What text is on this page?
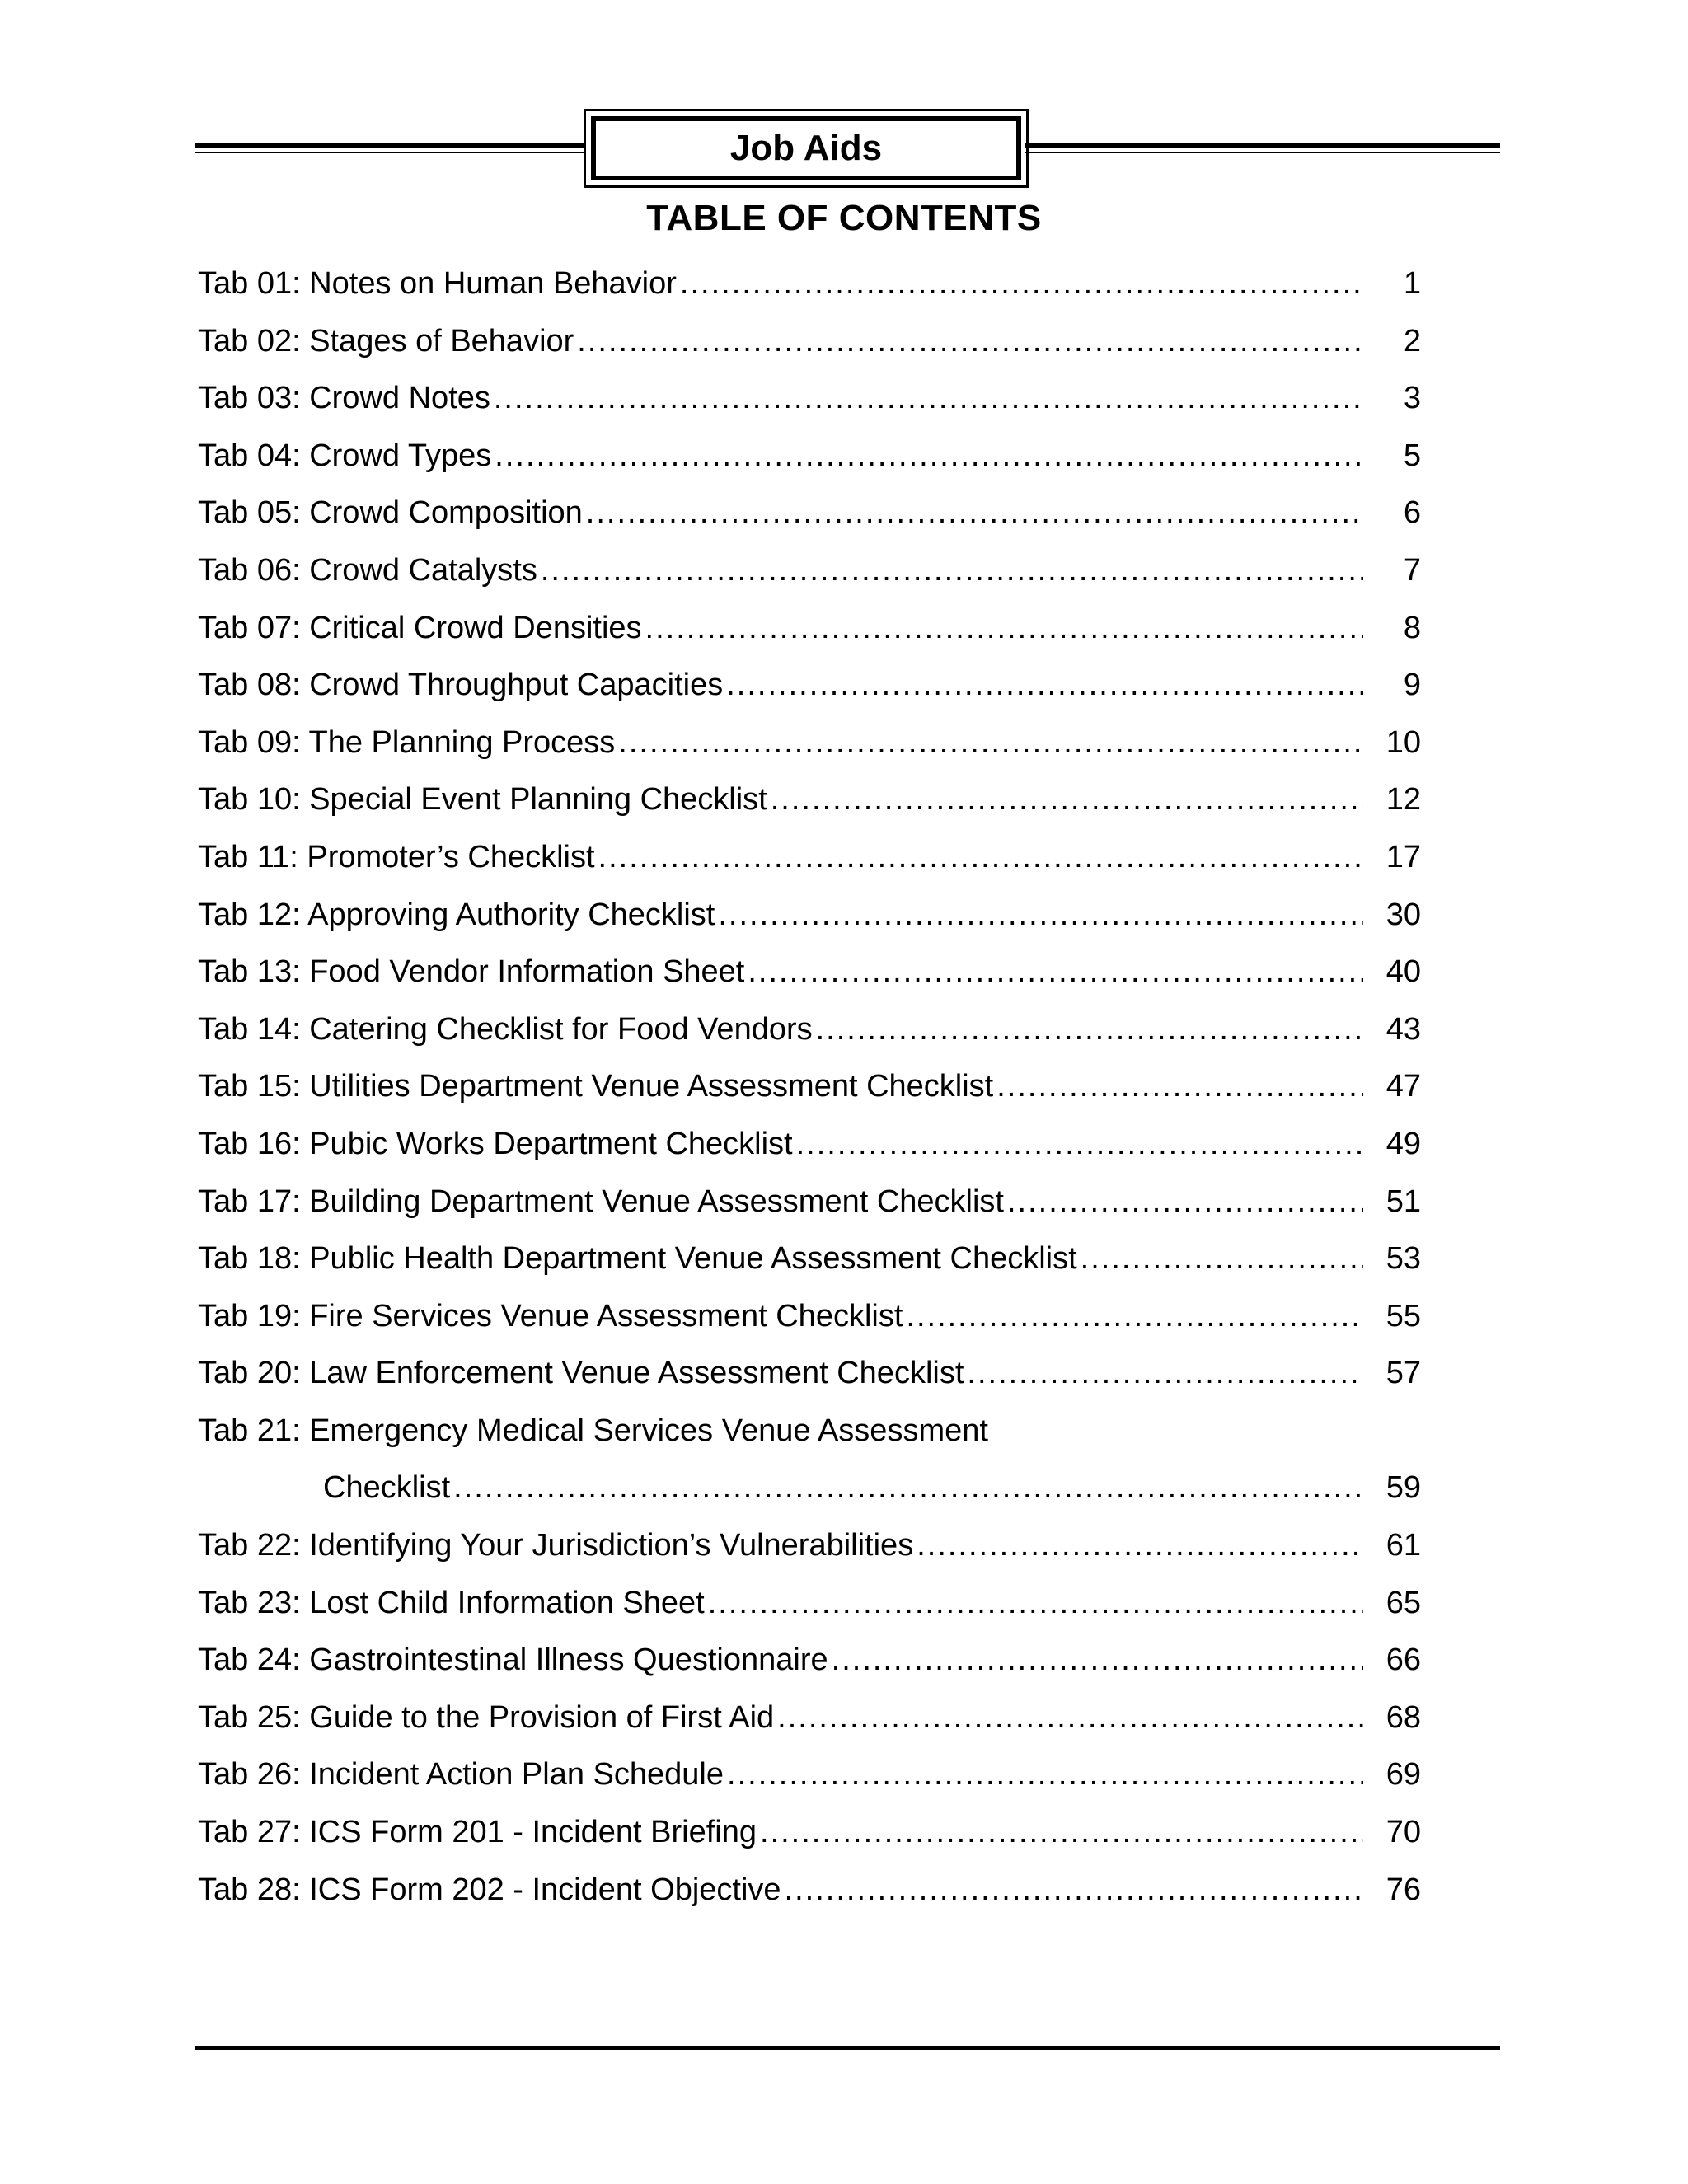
Job Aids
TABLE OF CONTENTS
Tab 01: Notes on Human Behavior .....	1
Tab 02: Stages of Behavior .....	2
Tab 03: Crowd Notes .....	3
Tab 04: Crowd Types .....	5
Tab 05: Crowd Composition .....	6
Tab 06: Crowd Catalysts .....	7
Tab 07: Critical Crowd Densities .....	8
Tab 08: Crowd Throughput Capacities .....	9
Tab 09: The Planning Process .....	10
Tab 10: Special Event Planning Checklist .....	12
Tab 11: Promoter’s Checklist .....	17
Tab 12: Approving Authority Checklist .....	30
Tab 13: Food Vendor Information Sheet .....	40
Tab 14: Catering Checklist for Food Vendors .....	43
Tab 15: Utilities Department Venue Assessment Checklist .....	47
Tab 16: Pubic Works Department Checklist .....	49
Tab 17: Building Department Venue Assessment Checklist .....	51
Tab 18: Public Health Department Venue Assessment Checklist .....	53
Tab 19: Fire Services Venue Assessment Checklist .....	55
Tab 20: Law Enforcement Venue Assessment Checklist .....	57
Tab 21: Emergency Medical Services Venue Assessment
Checklist .....	59
Tab 22: Identifying Your Jurisdiction’s Vulnerabilities .....	61
Tab 23: Lost Child Information Sheet .....	65
Tab 24: Gastrointestinal Illness Questionnaire .....	66
Tab 25: Guide to the Provision of First Aid .....	68
Tab 26: Incident Action Plan Schedule .....	69
Tab 27: ICS Form 201 - Incident Briefing .....	70
Tab 28: ICS Form 202 - Incident Objective .....	76
